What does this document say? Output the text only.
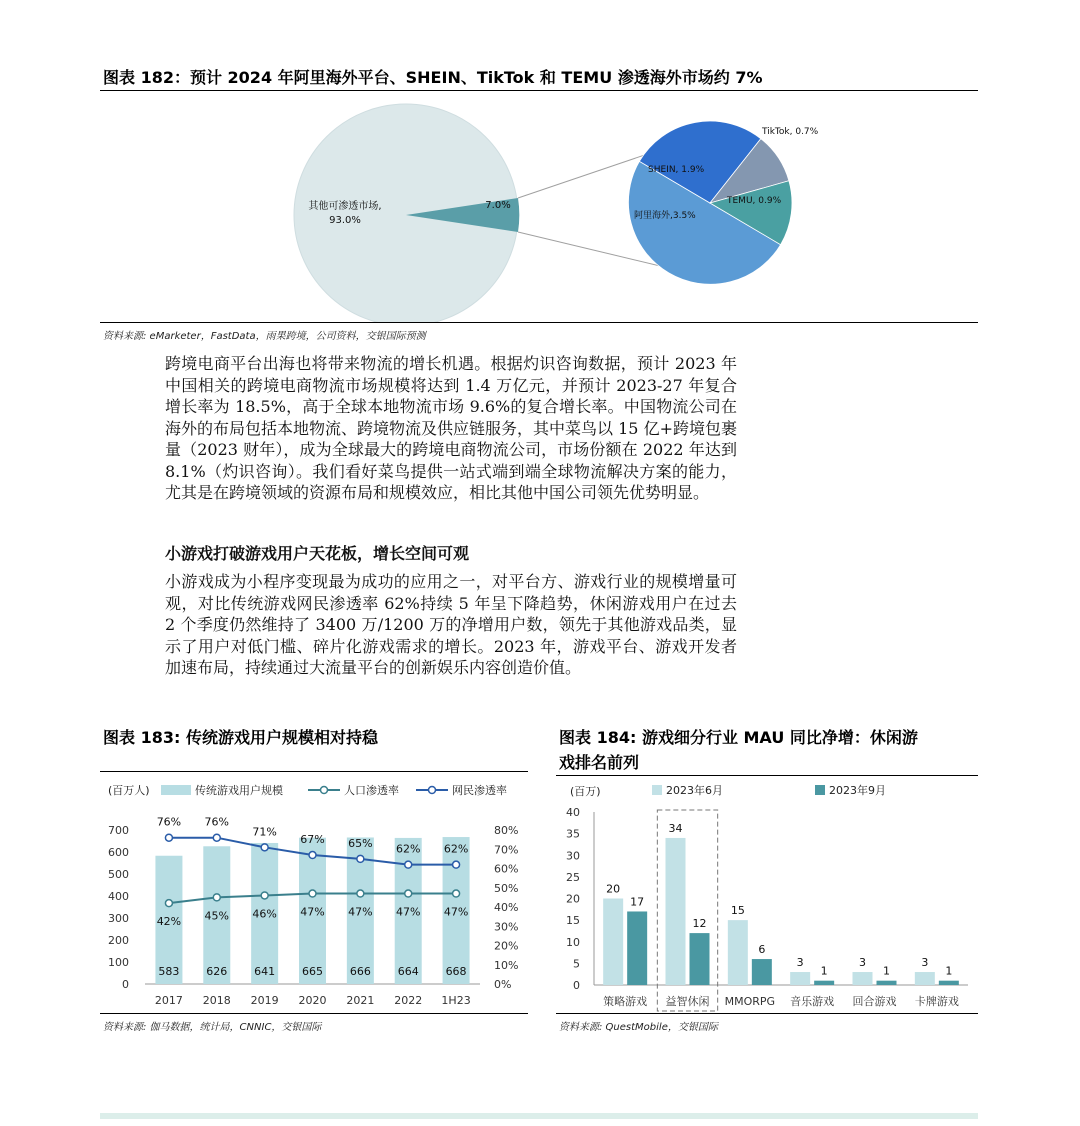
图表 182：预计 2024 年阿里海外平台、SHEIN、TikTok 和 TEMU 渗透海外市场约 7%
其他可渗透市场,
93.0%
7.0%
阿里海外,3.5%
SHEIN, 1.9%
TikTok, 0.7%
TEMU, 0.9%
资料来源: eMarketer，FastData，雨果跨境，公司资料，交银国际预测
跨境电商平台出海也将带来物流的增长机遇。根据灼识咨询数据，预计 2023 年中国相关的跨境电商物流市场规模将达到 1.4 万亿元，并预计 2023-27 年复合增长率为 18.5%，高于全球本地物流市场 9.6%的复合增长率。中国物流公司在海外的布局包括本地物流、跨境物流及供应链服务，其中菜鸟以 15 亿+跨境包裹量（2023 财年），成为全球最大的跨境电商物流公司，市场份额在 2022 年达到 8.1%（灼识咨询）。我们看好菜鸟提供一站式端到端全球物流解决方案的能力，尤其是在跨境领域的资源布局和规模效应，相比其他中国公司领先优势明显。
小游戏打破游戏用户天花板，增长空间可观
小游戏成为小程序变现最为成功的应用之一，对平台方、游戏行业的规模增量可观，对比传统游戏网民渗透率 62%持续 5 年呈下降趋势，休闲游戏用户在过去 2 个季度仍然维持了 3400 万/1200 万的净增用户数，领先于其他游戏品类，显示了用户对低门槛、碎片化游戏需求的增长。2023 年，游戏平台、游戏开发者加速布局，持续通过大流量平台的创新娱乐内容创造价值。
图表 183: 传统游戏用户规模相对持稳
(百万人)	传统游戏用户规模	人口渗透率	网民渗透率
0
100
200
300
400
500
600
700
0%
10%
20%
30%
40%
50%
60%
70%
80%
583
2017
626
2018
641
2019
665
2020
666
2021
664
2022
668
1H23
42% 45% 46% 47% 47% 47% 47%
76% 76%
71%
67% 65% 62% 62%
资料来源: 伽马数据，统计局，CNNIC，交银国际
图表 184: 游戏细分行业 MAU 同比净增：休闲游
戏排名前列
(百万)	2023年6月	2023年9月
0
5
10
15
20
25
30
35
40
20
17
策略游戏
34
12
益智休闲
15
6
MMORPG
3
1
音乐游戏
3
1
回合游戏
3
1
卡牌游戏
资料来源: QuestMobile，交银国际
